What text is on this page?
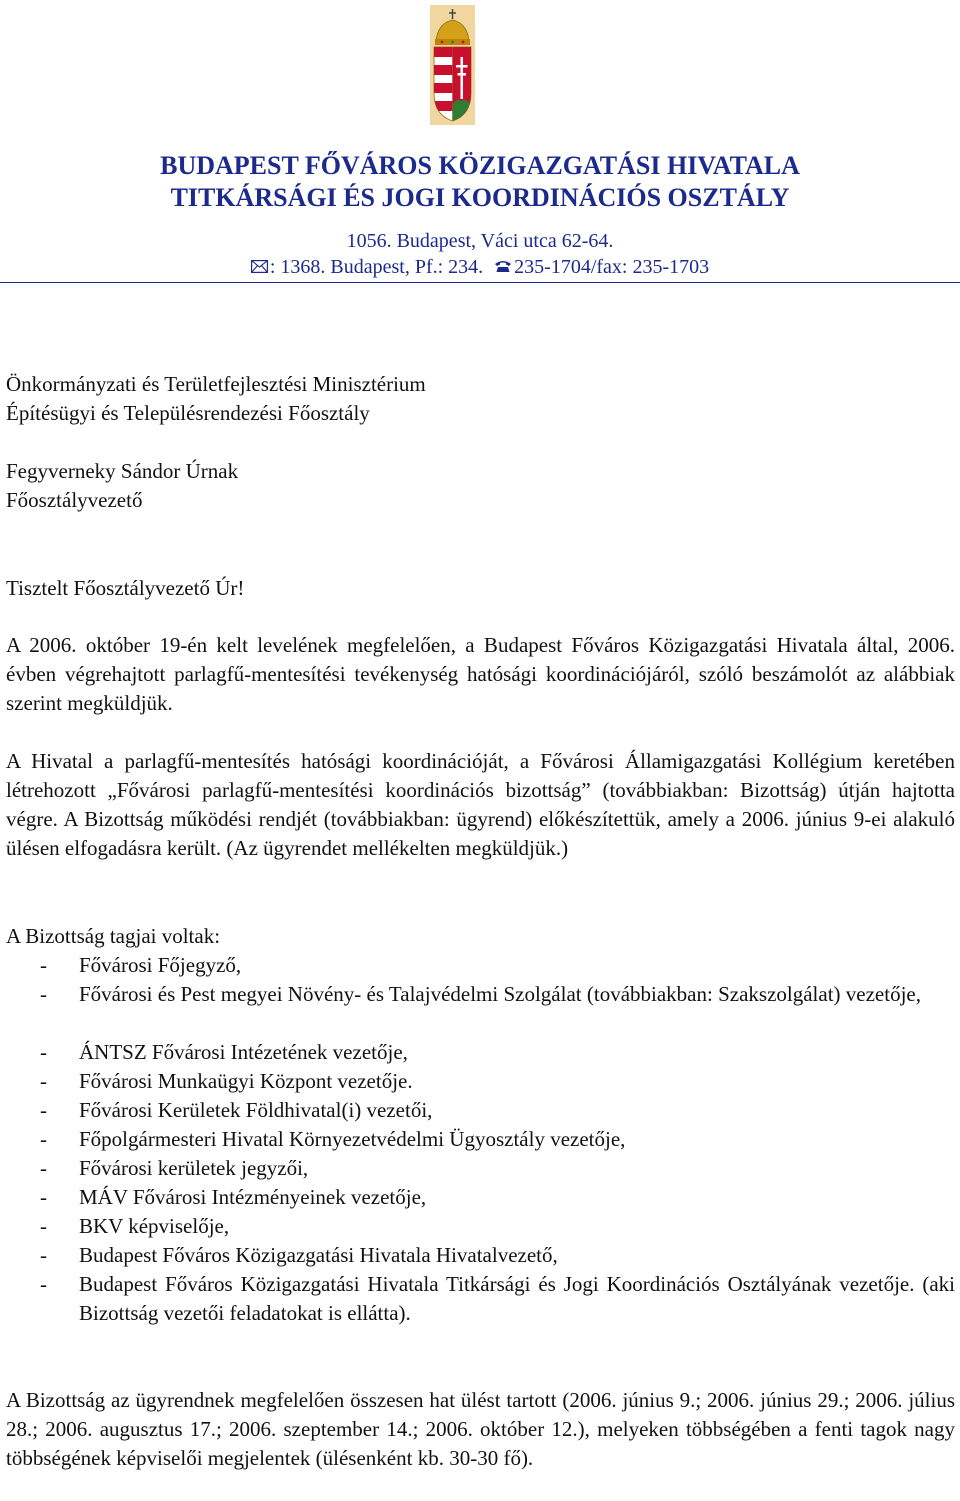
BUDAPEST FŐVÁROS KÖZIGAZGATÁSI HIVATALA
TITKÁRSÁGI ÉS JOGI KOORDINÁCIÓS OSZTÁLY
1056. Budapest, Váci utca 62-64.
: 1368. Budapest, Pf.: 234. 235-1704/fax: 235-1703
Önkormányzati és Területfejlesztési Minisztérium
Építésügyi és Településrendezési Főosztály
Fegyverneky Sándor Úrnak
Főosztályvezető
Tisztelt Főosztályvezető Úr!
A 2006. október 19-én kelt levelének megfelelően, a Budapest Főváros Közigazgatási Hivatala által, 2006. évben végrehajtott parlagfű-mentesítési tevékenység hatósági koordinációjáról, szóló beszámolót az alábbiak szerint megküldjük.
A Hivatal a parlagfű-mentesítés hatósági koordinációját, a Fővárosi Államigazgatási Kollégium keretében létrehozott „Fővárosi parlagfű-mentesítési koordinációs bizottság” (továbbiakban: Bizottság) útján hajtotta végre. A Bizottság működési rendjét (továbbiakban: ügyrend) előkészítettük, amely a 2006. június 9-ei alakuló ülésen elfogadásra került. (Az ügyrendet mellékelten megküldjük.)
A Bizottság tagjai voltak:
- Fővárosi Főjegyző,
- Fővárosi és Pest megyei Növény- és Talajvédelmi Szolgálat (továbbiakban: Szakszolgálat) vezetője,
- ÁNTSZ Fővárosi Intézetének vezetője,
- Fővárosi Munkaügyi Központ vezetője.
- Fővárosi Kerületek Földhivatal(i) vezetői,
- Főpolgármesteri Hivatal Környezetvédelmi Ügyosztály vezetője,
- Fővárosi kerületek jegyzői,
- MÁV Fővárosi Intézményeinek vezetője,
- BKV képviselője,
- Budapest Főváros Közigazgatási Hivatala Hivatalvezető,
- Budapest Főváros Közigazgatási Hivatala Titkársági és Jogi Koordinációs Osztályának vezetője. (aki Bizottság vezetői feladatokat is ellátta).
A Bizottság az ügyrendnek megfelelően összesen hat ülést tartott (2006. június 9.; 2006. június 29.; 2006. július 28.; 2006. augusztus 17.; 2006. szeptember 14.; 2006. október 12.), melyeken többségében a fenti tagok nagy többségének képviselői megjelentek (ülésenként kb. 30-30 fő).
